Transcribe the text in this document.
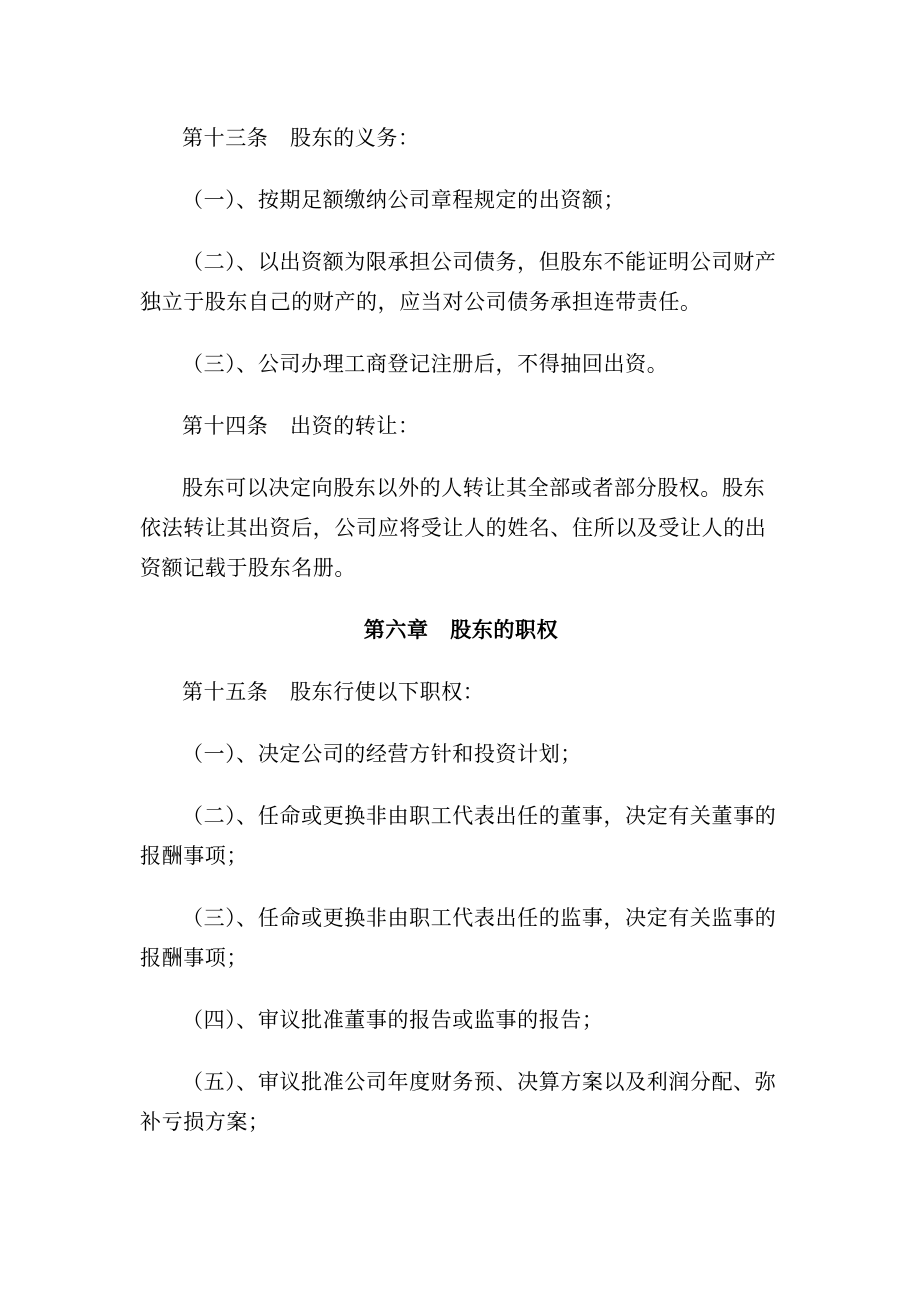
第十三条　股东的义务：

（一）、按期足额缴纳公司章程规定的出资额；

（二）、以出资额为限承担公司债务，但股东不能证明公司财产独立于股东自己的财产的，应当对公司债务承担连带责任。

（三）、公司办理工商登记注册后，不得抽回出资。

第十四条　出资的转让：

股东可以决定向股东以外的人转让其全部或者部分股权。股东依法转让其出资后，公司应将受让人的姓名、住所以及受让人的出资额记载于股东名册。

第六章　股东的职权

第十五条　股东行使以下职权：

（一）、决定公司的经营方针和投资计划；

（二）、任命或更换非由职工代表出任的董事，决定有关董事的报酬事项；

（三）、任命或更换非由职工代表出任的监事，决定有关监事的报酬事项；

（四）、审议批准董事的报告或监事的报告；

（五）、审议批准公司年度财务预、决算方案以及利润分配、弥补亏损方案；
